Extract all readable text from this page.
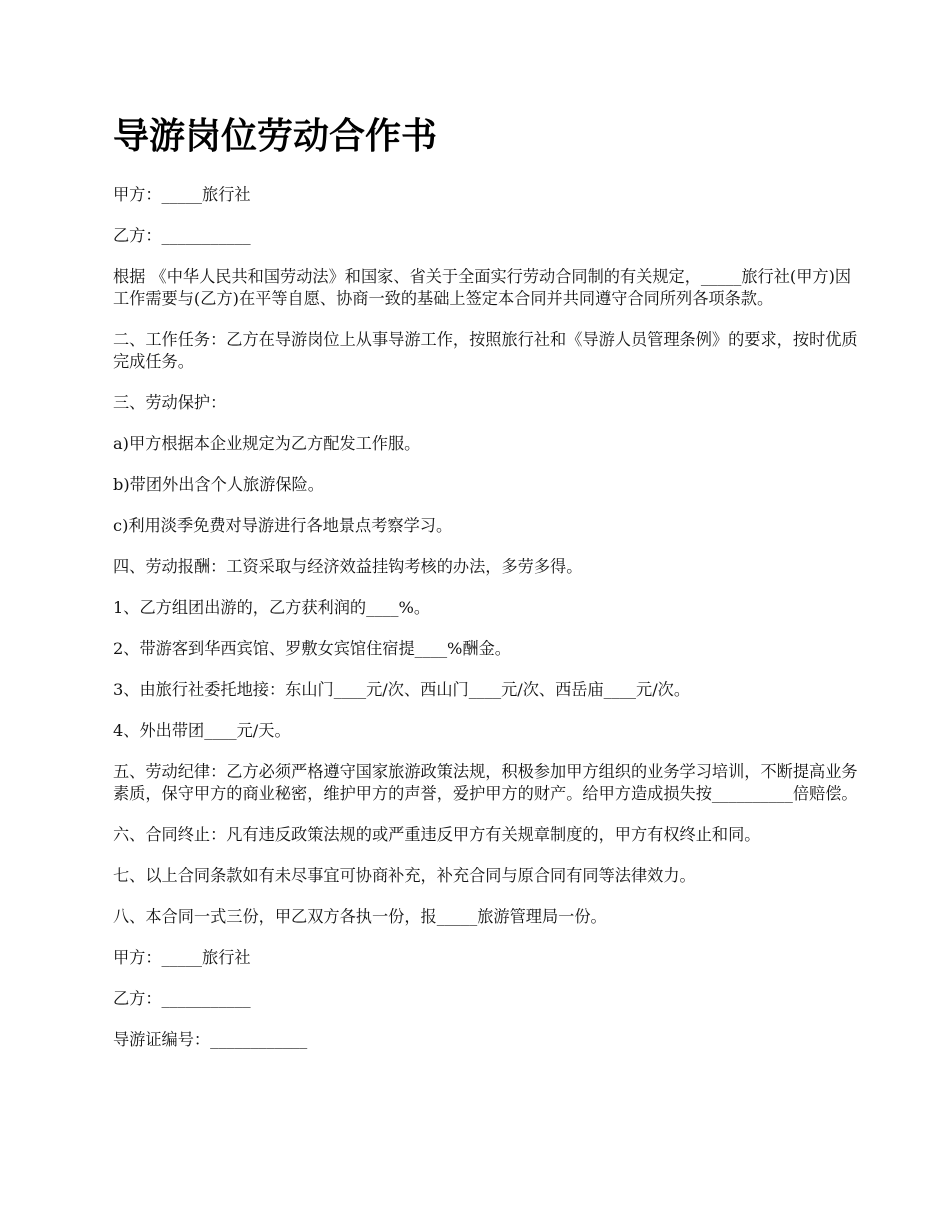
导游岗位劳动合作书

甲方：_____旅行社

乙方：___________

根据 《中华人民共和国劳动法》和国家、省关于全面实行劳动合同制的有关规定，_____旅行社(甲方)因工作需要与(乙方)在平等自愿、协商一致的基础上签定本合同并共同遵守合同所列各项条款。

二、工作任务：乙方在导游岗位上从事导游工作，按照旅行社和《导游人员管理条例》的要求，按时优质完成任务。

三、劳动保护：

a)甲方根据本企业规定为乙方配发工作服。

b)带团外出含个人旅游保险。

c)利用淡季免费对导游进行各地景点考察学习。

四、劳动报酬：工资采取与经济效益挂钩考核的办法，多劳多得。

1、乙方组团出游的，乙方获利润的____%。

2、带游客到华西宾馆、罗敷女宾馆住宿提____%酬金。

3、由旅行社委托地接：东山门____元/次、西山门____元/次、西岳庙____元/次。

4、外出带团____元/天。

五、劳动纪律：乙方必须严格遵守国家旅游政策法规，积极参加甲方组织的业务学习培训，不断提高业务素质，保守甲方的商业秘密，维护甲方的声誉，爱护甲方的财产。给甲方造成损失按__________倍赔偿。

六、合同终止：凡有违反政策法规的或严重违反甲方有关规章制度的，甲方有权终止和同。

七、以上合同条款如有未尽事宜可协商补充，补充合同与原合同有同等法律效力。

八、本合同一式三份，甲乙双方各执一份，报_____旅游管理局一份。

甲方：_____旅行社

乙方：___________

导游证编号：____________
